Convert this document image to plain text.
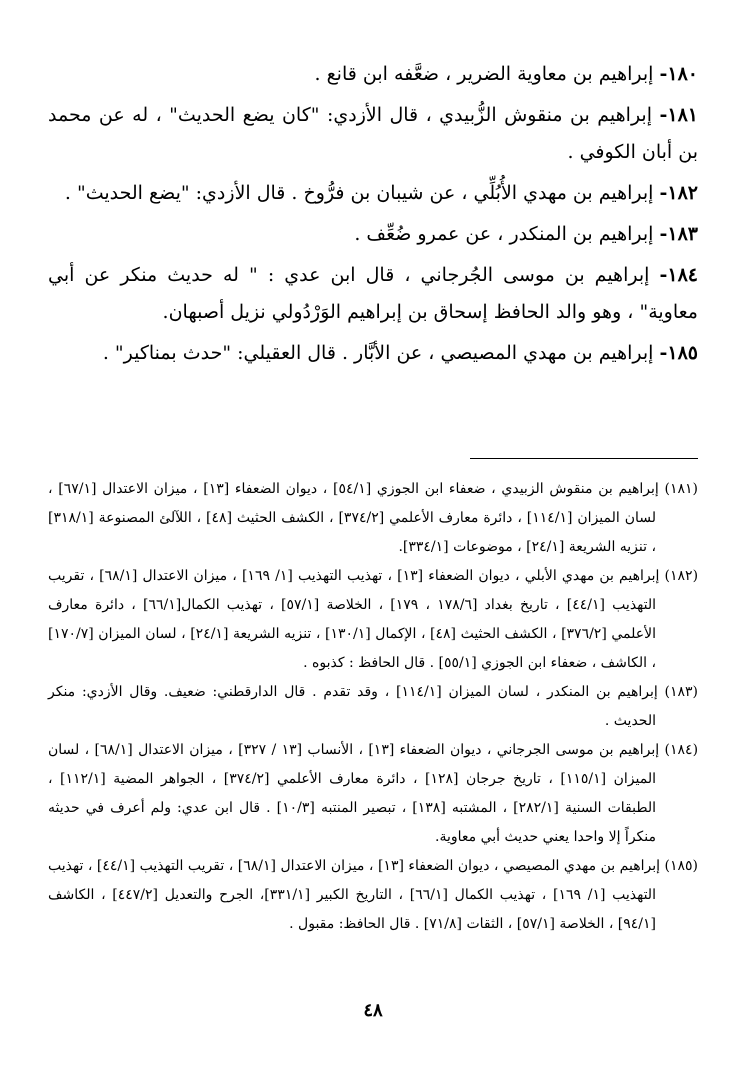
١٨٠- إبراهيم بن معاوية الضرير ، ضعَّفه ابن قانع .
١٨١- إبراهيم بن منقوش الزُّبيدي ، قال الأزدي: "كان يضع الحديث" ، له عن محمد بن أبان الكوفي .
١٨٢- إبراهيم بن مهدي الأُبُلِّي ، عن شيبان بن فرُّوخ . قال الأزدي: "يضع الحديث" .
١٨٣- إبراهيم بن المنكدر ، عن عمرو ضُعِّف .
١٨٤- إبراهيم بن موسى الجُرجاني ، قال ابن عدي : " له حديث منكر عن أبي معاوية" ، وهو والد الحافظ إسحاق بن إبراهيم الوَرْدُولي نزيل أصبهان.
١٨٥- إبراهيم بن مهدي المصيصي ، عن الأبَّار . قال العقيلي: "حدث بمناكير" .
(١٨١) إبراهيم بن منقوش الزبيدي ، ضعفاء ابن الجوزي [٥٤/١] ، ديوان الضعفاء [١٣] ، ميزان الاعتدال [٦٧/١] ، لسان الميزان [١١٤/١] ، دائرة معارف الأعلمي [٣٧٤/٢] ، الكشف الحثيث [٤٨] ، اللآلئ المصنوعة [٣١٨/١] ، تنزيه الشريعة [٢٤/١] ، موضوعات [٣٣٤/١].
(١٨٢) إبراهيم بن مهدي الأبلي ، ديوان الضعفاء [١٣] ، تهذيب التهذيب [١/ ١٦٩] ، ميزان الاعتدال [٦٨/١] ، تقريب التهذيب [٤٤/١] ، تاريخ بغداد [١٧٨/٦ ، ١٧٩] ، الخلاصة [٥٧/١] ، تهذيب الكمال[٦٦/١] ، دائرة معارف الأعلمي [٣٧٦/٢] ، الكشف الحثيث [٤٨] ، الإكمال [١٣٠/١] ، تنزيه الشريعة [٢٤/١] ، لسان الميزان [١٧٠/٧] ، الكاشف ، ضعفاء ابن الجوزي [٥٥/١] . قال الحافظ : كذبوه .
(١٨٣) إبراهيم بن المنكدر ، لسان الميزان [١١٤/١] ، وقد تقدم . قال الدارقطني: ضعيف. وقال الأزدي: منكر الحديث .
(١٨٤) إبراهيم بن موسى الجرجاني ، ديوان الضعفاء [١٣] ، الأنساب [١٣ / ٣٢٧] ، ميزان الاعتدال [٦٨/١] ، لسان الميزان [١١٥/١] ، تاريخ جرجان [١٢٨] ، دائرة معارف الأعلمي [٣٧٤/٢] ، الجواهر المضية [١١٢/١] ، الطبقات السنية [٢٨٢/١] ، المشتبه [١٣٨] ، تبصير المنتبه [١٠/٣] . قال ابن عدي: ولم أعرف في حديثه منكراً إلا واحدا يعني حديث أبي معاوية.
(١٨٥) إبراهيم بن مهدي المصيصي ، ديوان الضعفاء [١٣] ، ميزان الاعتدال [٦٨/١] ، تقريب التهذيب [٤٤/١] ، تهذيب التهذيب [١/ ١٦٩] ، تهذيب الكمال [٦٦/١] ، التاريخ الكبير [٣٣١/١]، الجرح والتعديل [٤٤٧/٢] ، الكاشف [٩٤/١] ، الخلاصة [٥٧/١] ، الثقات [٧١/٨] . قال الحافظ: مقبول .
٤٨
